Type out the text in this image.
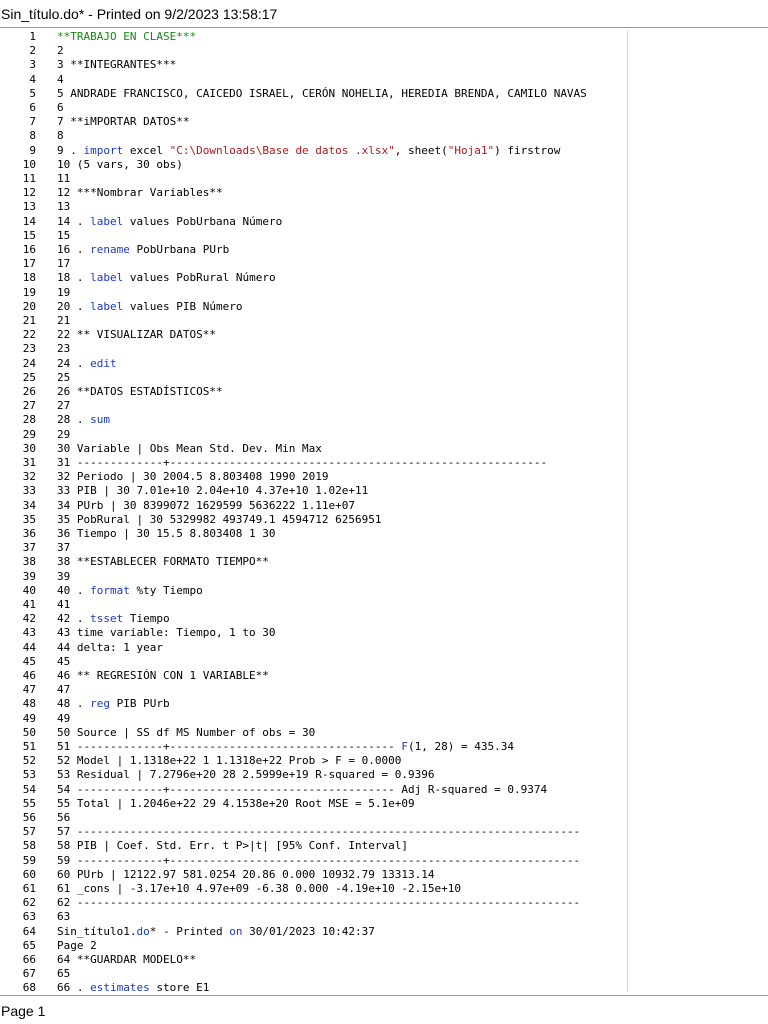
Sin_título.do* - Printed on 9/2/2023 13:58:17
1 **TRABAJO EN CLASE***
2 2
3 3 **INTEGRANTES***
4 4
5 5 ANDRADE FRANCISCO, CAICEDO ISRAEL, CERÓN NOHELIA, HEREDIA BRENDA, CAMILO NAVAS
6 6
7 7 **iMPORTAR DATOS**
8 8
9 9 . import excel "C:\Downloads\Base de datos .xlsx", sheet("Hoja1") firstrow
10 10 (5 vars, 30 obs)
11 11
12 12 ***Nombrar Variables**
13 13
14 14 . label values PobUrbana Número
15 15
16 16 . rename PobUrbana PUrb
17 17
18 18 . label values PobRural Número
19 19
20 20 . label values PIB Número
21 21
22 22 ** VISUALIZAR DATOS**
23 23
24 24 . edit
25 25
26 26 **DATOS ESTADÍSTICOS**
27 27
28 28 . sum
29 29
30 30 Variable | Obs Mean Std. Dev. Min Max
31 31 -------------+---------------------------------------------------------
32 32 Periodo | 30 2004.5 8.803408 1990 2019
33 33 PIB | 30 7.01e+10 2.04e+10 4.37e+10 1.02e+11
34 34 PUrb | 30 8399072 1629599 5636222 1.11e+07
35 35 PobRural | 30 5329982 493749.1 4594712 6256951
36 36 Tiempo | 30 15.5 8.803408 1 30
37 37
38 38 **ESTABLECER FORMATO TIEMPO**
39 39
40 40 . format %ty Tiempo
41 41
42 42 . tsset Tiempo
43 43 time variable: Tiempo, 1 to 30
44 44 delta: 1 year
45 45
46 46 ** REGRESIÓN CON 1 VARIABLE**
47 47
48 48 . reg PIB PUrb
49 49
50 50 Source | SS df MS Number of obs = 30
51 51 -------------+---------------------------------- F(1, 28) = 435.34
52 52 Model | 1.1318e+22 1 1.1318e+22 Prob > F = 0.0000
53 53 Residual | 7.2796e+20 28 2.5999e+19 R-squared = 0.9396
54 54 -------------+---------------------------------- Adj R-squared = 0.9374
55 55 Total | 1.2046e+22 29 4.1538e+20 Root MSE = 5.1e+09
56 56
57 57 ----------------------------------------------------------------------------
58 58 PIB | Coef. Std. Err. t P>|t| [95% Conf. Interval]
59 59 -------------+--------------------------------------------------------------
60 60 PUrb | 12122.97 581.0254 20.86 0.000 10932.79 13313.14
61 61 _cons | -3.17e+10 4.97e+09 -6.38 0.000 -4.19e+10 -2.15e+10
62 62 ----------------------------------------------------------------------------
63 63
64 Sin_título1.do* - Printed on 30/01/2023 10:42:37
65 Page 2
66 64 **GUARDAR MODELO**
67 65
68 66 . estimates store E1
Page 1
